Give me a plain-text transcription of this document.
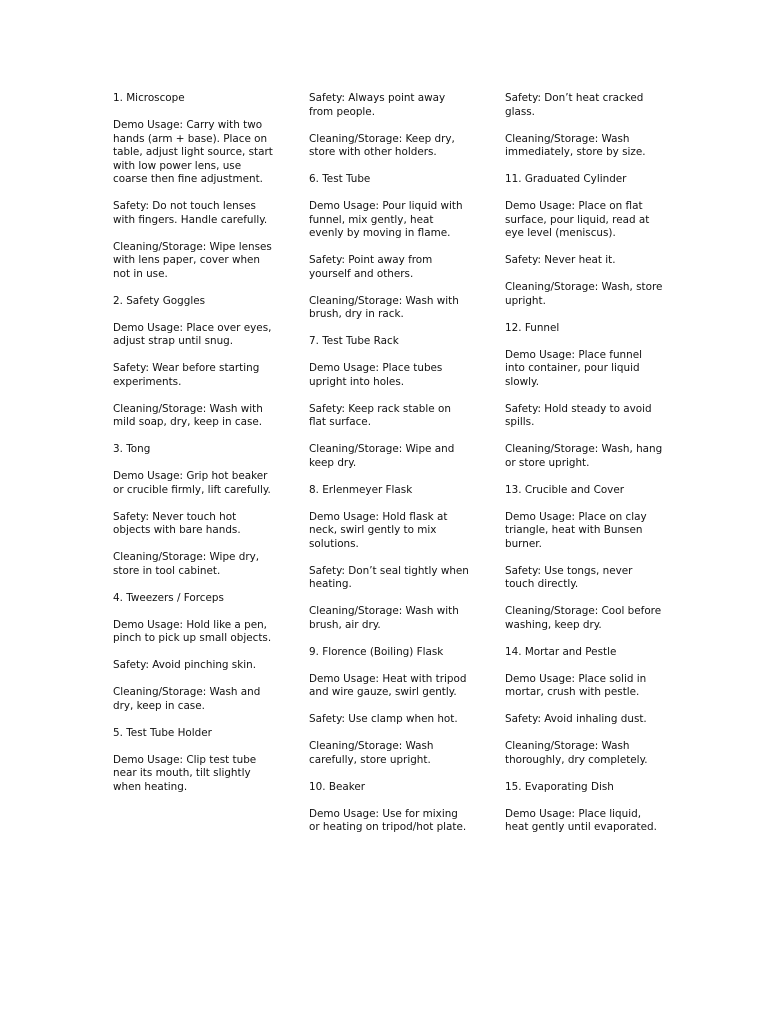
1. Microscope

Demo Usage: Carry with two hands (arm + base). Place on table, adjust light source, start with low power lens, use coarse then fine adjustment.

Safety: Do not touch lenses with fingers. Handle carefully.

Cleaning/Storage: Wipe lenses with lens paper, cover when not in use.

2. Safety Goggles

Demo Usage: Place over eyes, adjust strap until snug.

Safety: Wear before starting experiments.

Cleaning/Storage: Wash with mild soap, dry, keep in case.

3. Tong

Demo Usage: Grip hot beaker or crucible firmly, lift carefully.

Safety: Never touch hot objects with bare hands.

Cleaning/Storage: Wipe dry, store in tool cabinet.

4. Tweezers / Forceps

Demo Usage: Hold like a pen, pinch to pick up small objects.

Safety: Avoid pinching skin.

Cleaning/Storage: Wash and dry, keep in case.

5. Test Tube Holder

Demo Usage: Clip test tube near its mouth, tilt slightly when heating.

Safety: Always point away from people.

Cleaning/Storage: Keep dry, store with other holders.

6. Test Tube

Demo Usage: Pour liquid with funnel, mix gently, heat evenly by moving in flame.

Safety: Point away from yourself and others.

Cleaning/Storage: Wash with brush, dry in rack.

7. Test Tube Rack

Demo Usage: Place tubes upright into holes.

Safety: Keep rack stable on flat surface.

Cleaning/Storage: Wipe and keep dry.

8. Erlenmeyer Flask

Demo Usage: Hold flask at neck, swirl gently to mix solutions.

Safety: Don’t seal tightly when heating.

Cleaning/Storage: Wash with brush, air dry.

9. Florence (Boiling) Flask

Demo Usage: Heat with tripod and wire gauze, swirl gently.

Safety: Use clamp when hot.

Cleaning/Storage: Wash carefully, store upright.

10. Beaker

Demo Usage: Use for mixing or heating on tripod/hot plate.

Safety: Don’t heat cracked glass.

Cleaning/Storage: Wash immediately, store by size.

11. Graduated Cylinder

Demo Usage: Place on flat surface, pour liquid, read at eye level (meniscus).

Safety: Never heat it.

Cleaning/Storage: Wash, store upright.

12. Funnel

Demo Usage: Place funnel into container, pour liquid slowly.

Safety: Hold steady to avoid spills.

Cleaning/Storage: Wash, hang or store upright.

13. Crucible and Cover

Demo Usage: Place on clay triangle, heat with Bunsen burner.

Safety: Use tongs, never touch directly.

Cleaning/Storage: Cool before washing, keep dry.

14. Mortar and Pestle

Demo Usage: Place solid in mortar, crush with pestle.

Safety: Avoid inhaling dust.

Cleaning/Storage: Wash thoroughly, dry completely.

15. Evaporating Dish

Demo Usage: Place liquid, heat gently until evaporated.
